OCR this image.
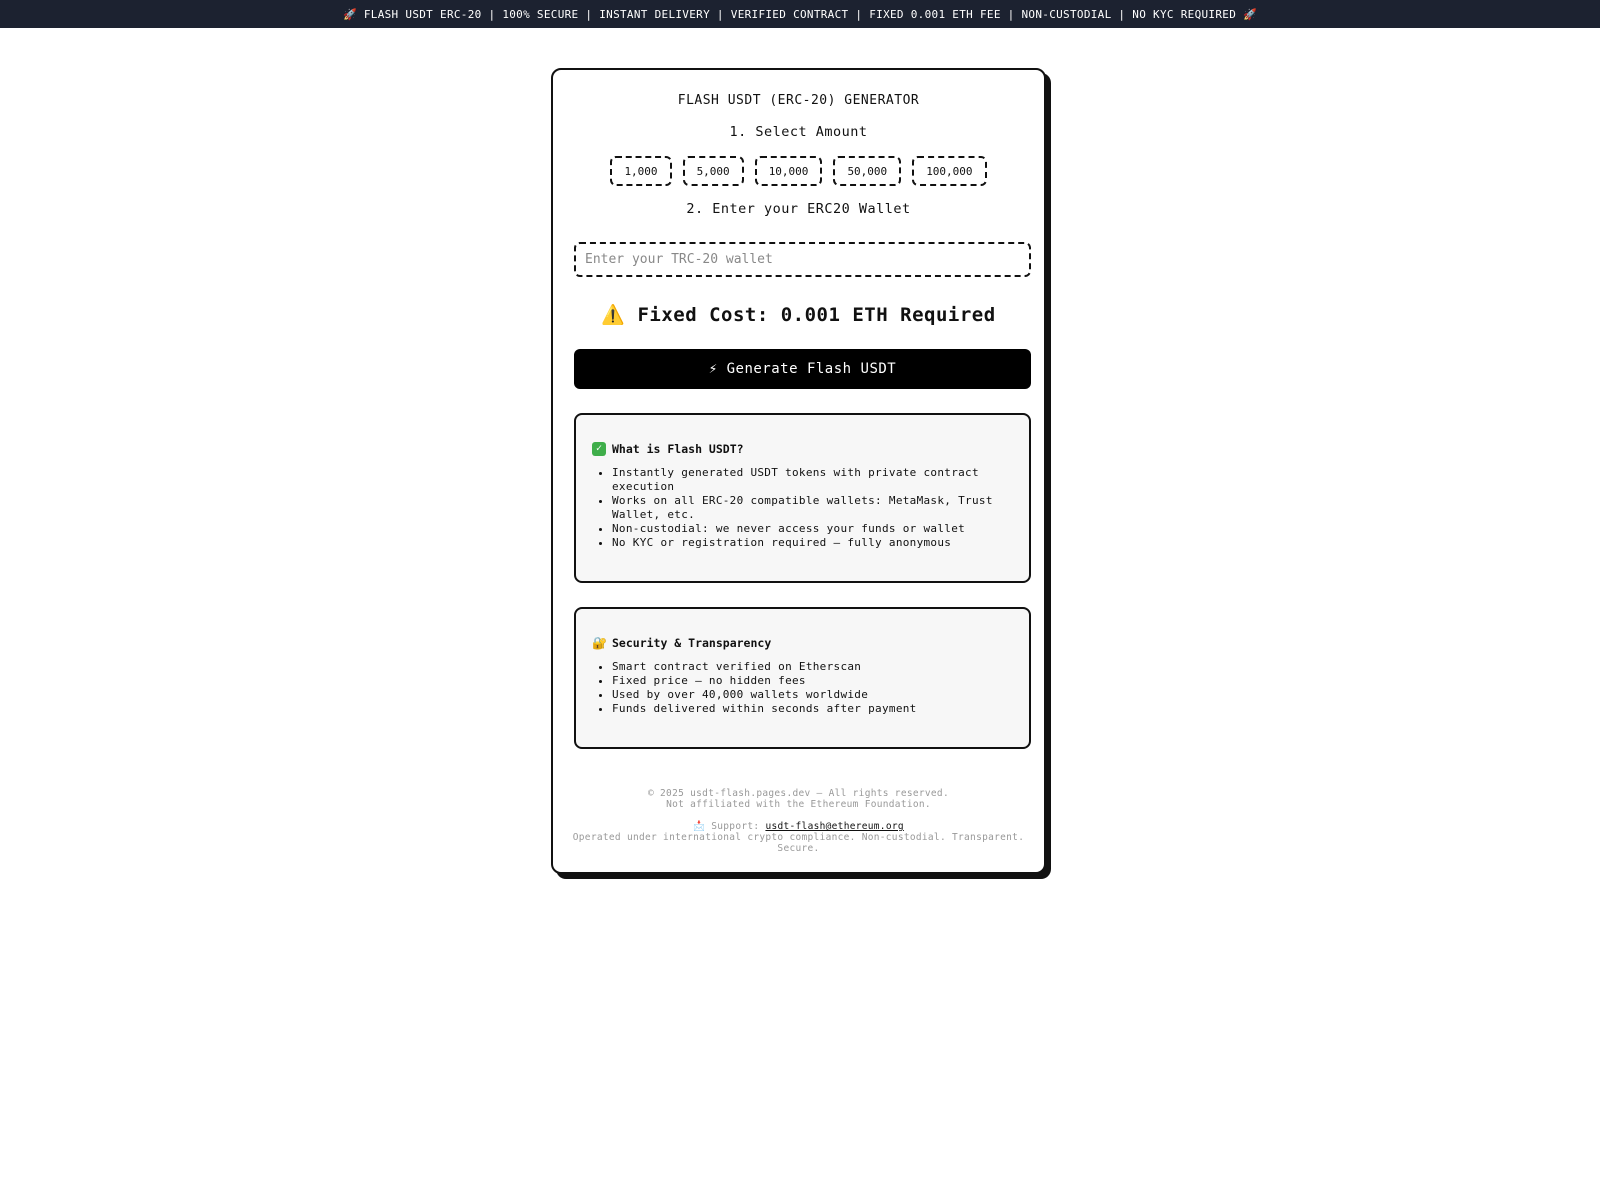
🚀 FLASH USDT ERC-20 | 100% SECURE | INSTANT DELIVERY | VERIFIED CONTRACT | FIXED 0.001 ETH FEE | NON-CUSTODIAL | NO KYC REQUIRED 🚀
FLASH USDT (ERC-20) GENERATOR
1. Select Amount
1,000	5,000	10,000	50,000	100,000
2. Enter your ERC20 Wallet
Enter your TRC-20 wallet
⚠️ Fixed Cost: 0.001 ETH Required
⚡ Generate Flash USDT
✓ What is Flash USDT?
• Instantly generated USDT tokens with private contract execution
• Works on all ERC-20 compatible wallets: MetaMask, Trust Wallet, etc.
• Non-custodial: we never access your funds or wallet
• No KYC or registration required — fully anonymous
🔐 Security & Transparency
• Smart contract verified on Etherscan
• Fixed price — no hidden fees
• Used by over 40,000 wallets worldwide
• Funds delivered within seconds after payment

© 2025 usdt-flash.pages.dev — All rights reserved.

Not affiliated with the Ethereum Foundation.

📩 Support: usdt-flash@ethereum.org

Operated under international crypto compliance. Non-custodial. Transparent. Secure.
